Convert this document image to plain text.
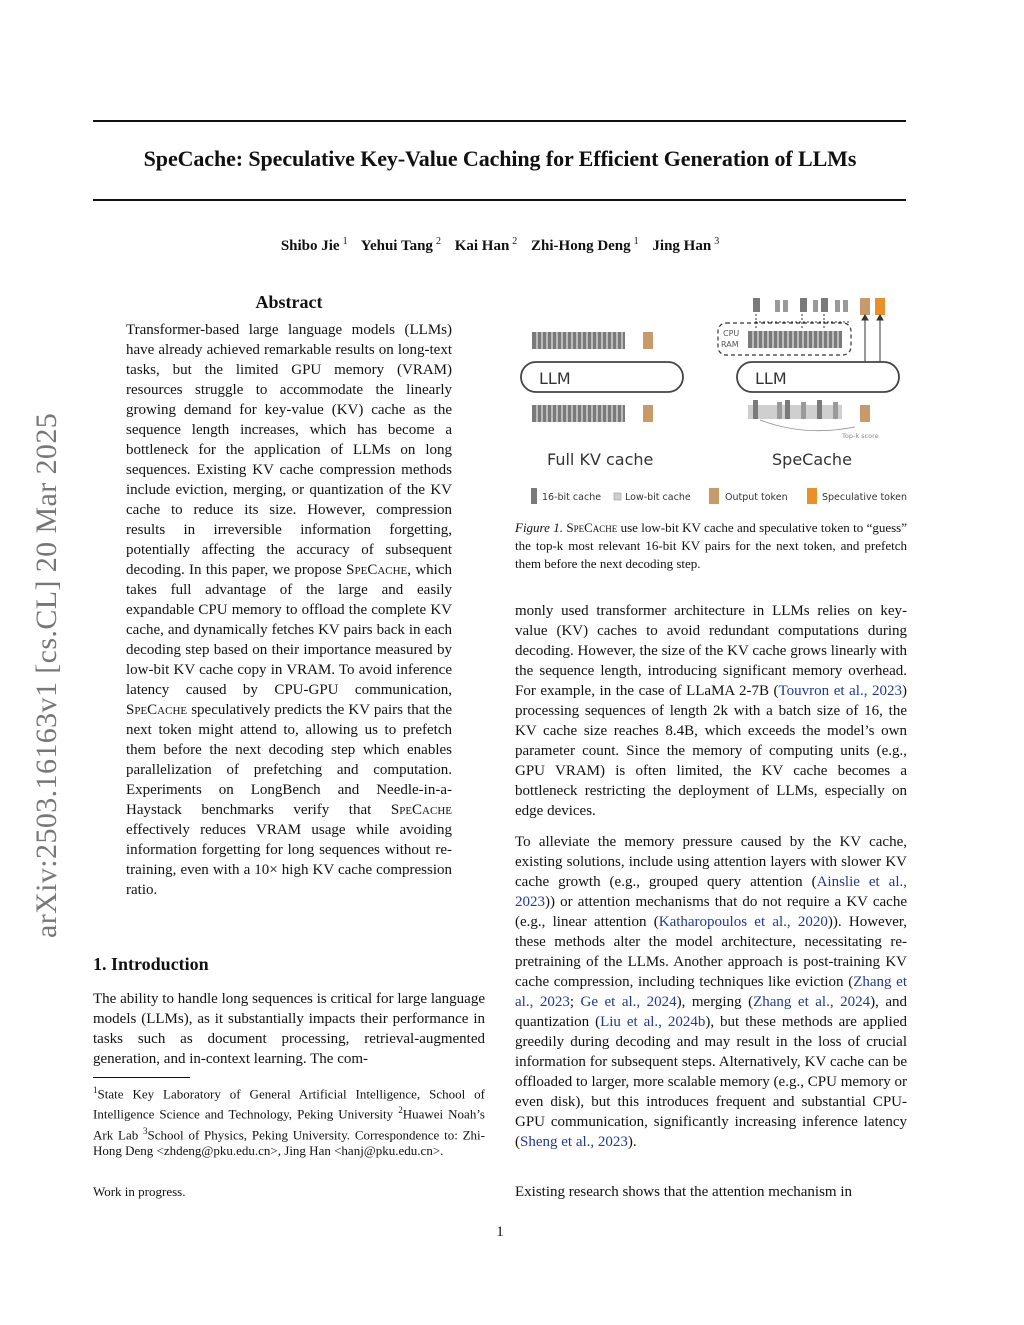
SpeCache: Speculative Key-Value Caching for Efficient Generation of LLMs
Shibo Jie $^1$ Yehui Tang $^2$ Kai Han $^2$ Zhi-Hong Deng $^1$ Jing Han $^3$
arXiv:2503.16163v1 [cs.CL] 20 Mar 2025
Abstract
Transformer-based large language models (LLMs) have already achieved remarkable results on long-text tasks, but the limited GPU memory (VRAM) resources struggle to accommodate the linearly growing demand for key-value (KV) cache as the sequence length increases, which has become a bottleneck for the application of LLMs on long sequences. Existing KV cache compression methods include eviction, merging, or quantization of the KV cache to reduce its size. However, compression results in irreversible information forgetting, potentially affecting the accuracy of subsequent decoding. In this paper, we propose SpeCache, which takes full advantage of the large and easily expandable CPU memory to offload the complete KV cache, and dynamically fetches KV pairs back in each decoding step based on their importance measured by low-bit KV cache copy in VRAM. To avoid inference latency caused by CPU-GPU communication, SpeCache speculatively predicts the KV pairs that the next token might attend to, allowing us to prefetch them before the next decoding step which enables parallelization of prefetching and computation. Experiments on LongBench and Needle-in-a-Haystack benchmarks verify that SpeCache effectively reduces VRAM usage while avoiding information forgetting for long sequences without re-training, even with a 10× high KV cache compression ratio.
1. Introduction

The ability to handle long sequences is critical for large language models (LLMs), as it substantially impacts their performance in tasks such as document processing, retrieval-augmented generation, and in-context learning. The com-

$^1$State Key Laboratory of General Artificial Intelligence, School of Intelligence Science and Technology, Peking University $^2$Huawei Noah’s Ark Lab $^3$School of Physics, Peking University. Correspondence to: Zhi-Hong Deng <zhdeng@pku.edu.cn>, Jing Han <hanj@pku.edu.cn>.
Work in progress.
LLM
Full KV cache
CPU
RAM
LLM
Top-k score
SpeCache
16-bit cache	Low-bit cache	Output token	Speculative token
Figure 1. SpeCache use low-bit KV cache and speculative token to “guess” the top-k most relevant 16-bit KV pairs for the next token, and prefetch them before the next decoding step.

monly used transformer architecture in LLMs relies on key-value (KV) caches to avoid redundant computations during decoding. However, the size of the KV cache grows linearly with the sequence length, introducing significant memory overhead. For example, in the case of LLaMA 2-7B (Touvron et al., 2023) processing sequences of length 2k with a batch size of 16, the KV cache size reaches 8.4B, which exceeds the model’s own parameter count. Since the memory of computing units (e.g., GPU VRAM) is often limited, the KV cache becomes a bottleneck restricting the deployment of LLMs, especially on edge devices.

To alleviate the memory pressure caused by the KV cache, existing solutions, include using attention layers with slower KV cache growth (e.g., grouped query attention (Ainslie et al., 2023)) or attention mechanisms that do not require a KV cache (e.g., linear attention (Katharopoulos et al., 2020)). However, these methods alter the model architecture, necessitating re-pretraining of the LLMs. Another approach is post-training KV cache compression, including techniques like eviction (Zhang et al., 2023; Ge et al., 2024), merging (Zhang et al., 2024), and quantization (Liu et al., 2024b), but these methods are applied greedily during decoding and may result in the loss of crucial information for subsequent steps. Alternatively, KV cache can be offloaded to larger, more scalable memory (e.g., CPU memory or even disk), but this introduces frequent and substantial CPU-GPU communication, significantly increasing inference latency (Sheng et al., 2023).

Existing research shows that the attention mechanism in

1
